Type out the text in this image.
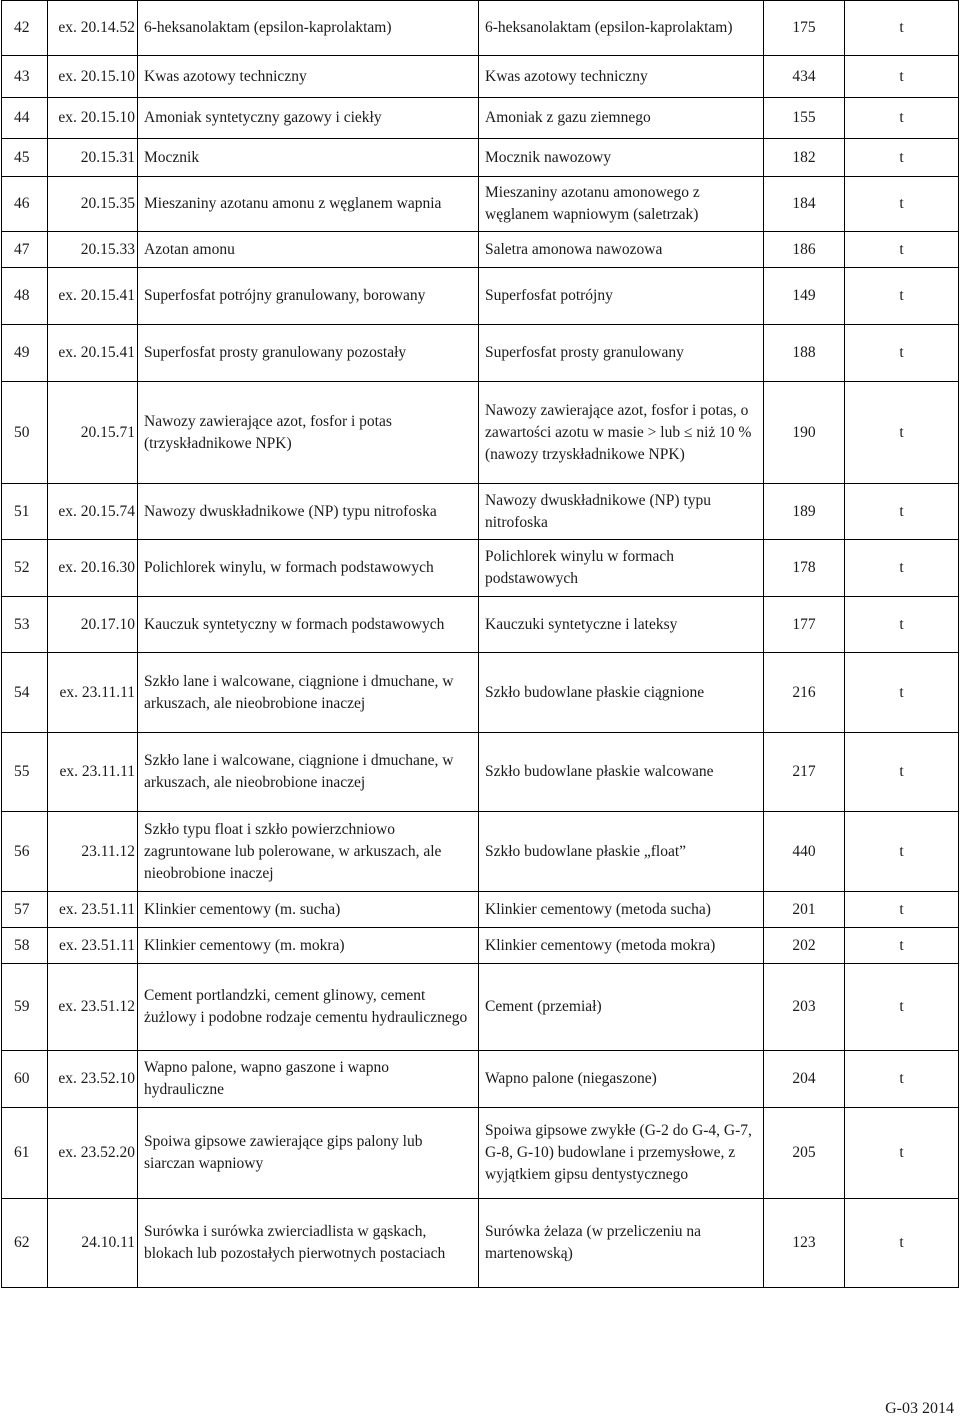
42	ex. 20.14.52	6-heksanolaktam (epsilon-kaprolaktam)	6-heksanolaktam (epsilon-kaprolaktam)	175	t
43	ex. 20.15.10	Kwas azotowy techniczny	Kwas azotowy techniczny	434	t
44	ex. 20.15.10	Amoniak syntetyczny gazowy i ciekły	Amoniak z gazu ziemnego	155	t
45	20.15.31	Mocznik	Mocznik nawozowy	182	t
46	20.15.35	Mieszaniny azotanu amonu z węglanem wapnia	Mieszaniny azotanu amonowego z węglanem wapniowym (saletrzak)	184	t
47	20.15.33	Azotan amonu	Saletra amonowa nawozowa	186	t
48	ex. 20.15.41	Superfosfat potrójny granulowany, borowany	Superfosfat potrójny	149	t
49	ex. 20.15.41	Superfosfat prosty granulowany pozostały	Superfosfat prosty granulowany	188	t
50	20.15.71	Nawozy zawierające azot, fosfor i potas (trzyskładnikowe NPK)	Nawozy zawierające azot, fosfor i potas, o zawartości azotu w masie > lub ≤ niż 10 % (nawozy trzyskładnikowe NPK)	190	t
51	ex. 20.15.74	Nawozy dwuskładnikowe (NP) typu nitrofoska	Nawozy dwuskładnikowe (NP) typu nitrofoska	189	t
52	ex. 20.16.30	Polichlorek winylu, w formach podstawowych	Polichlorek winylu w formach podstawowych	178	t
53	20.17.10	Kauczuk syntetyczny w formach podstawowych	Kauczuki syntetyczne i lateksy	177	t
54	ex. 23.11.11	Szkło lane i walcowane, ciągnione i dmuchane, w arkuszach, ale nieobrobione inaczej	Szkło budowlane płaskie ciągnione	216	t
55	ex. 23.11.11	Szkło lane i walcowane, ciągnione i dmuchane, w arkuszach, ale nieobrobione inaczej	Szkło budowlane płaskie walcowane	217	t
56	23.11.12	Szkło typu float i szkło powierzchniowo zagruntowane lub polerowane, w arkuszach, ale nieobrobione inaczej	Szkło budowlane płaskie „float”	440	t
57	ex. 23.51.11	Klinkier cementowy (m. sucha)	Klinkier cementowy (metoda sucha)	201	t
58	ex. 23.51.11	Klinkier cementowy (m. mokra)	Klinkier cementowy (metoda mokra)	202	t
59	ex. 23.51.12	Cement portlandzki, cement glinowy, cement żużlowy i podobne rodzaje cementu hydraulicznego	Cement (przemiał)	203	t
60	ex. 23.52.10	Wapno palone, wapno gaszone i wapno hydrauliczne	Wapno palone (niegaszone)	204	t
61	ex. 23.52.20	Spoiwa gipsowe zawierające gips palony lub siarczan wapniowy	Spoiwa gipsowe zwykłe (G-2 do G-4, G-7, G-8, G-10) budowlane i przemysłowe, z wyjątkiem gipsu dentystycznego	205	t
62	24.10.11	Surówka i surówka zwierciadlista w gąskach, blokach lub pozostałych pierwotnych postaciach	Surówka żelaza (w przeliczeniu na martenowską)	123	t
G-03 2014
